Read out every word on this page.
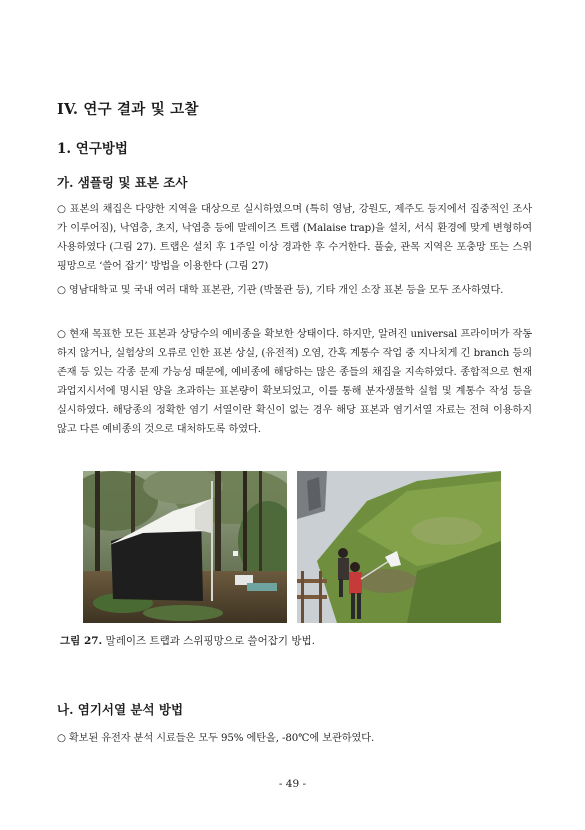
IV. 연구 결과 및 고찰
1. 연구방법
가. 샘플링 및 표본 조사
○ 표본의 채집은 다양한 지역을 대상으로 실시하였으며 (특히 영남, 강원도, 제주도 등지에서 집중적인 조사가 이루어짐), 낙엽층, 초지, 낙엽층 등에 말레이즈 트랩 (Malaise trap)을 설치, 서식 환경에 맞게 변형하여 사용하였다 (그림 27). 트랩은 설치 후 1주일 이상 경과한 후 수거한다. 풀숲, 관목 지역은 포충망 또는 스위핑망으로 ‘쓸어 잡기’ 방법을 이용한다 (그림 27)
○ 영남대학교 및 국내 여러 대학 표본관, 기관 (박물관 등), 기타 개인 소장 표본 등을 모두 조사하였다.
○ 현재 목표한 모든 표본과 상당수의 예비종을 확보한 상태이다. 하지만, 알려진 universal 프라이머가 작동하지 않거나, 실험상의 오류로 인한 표본 상실, (유전적) 오염, 간혹 계통수 작업 중 지나치게 긴 branch 등의 존재 등 있는 각종 문제 가능성 때문에, 예비종에 해당하는 많은 종들의 채집을 지속하였다. 종합적으로 현재 과업지시서에 명시된 양을 초과하는 표본량이 확보되었고, 이를 통해 분자생물학 실험 및 계통수 작성 등을 실시하였다. 해당종의 정확한 염기 서열이란 확신이 없는 경우 해당 표본과 염기서열 자료는 전혀 이용하지 않고 다른 예비종의 것으로 대처하도록 하였다.
그림 27. 말레이즈 트랩과 스위핑망으로 쓸어잡기 방법.
나. 염기서열 분석 방법
○ 확보된 유전자 분석 시료들은 모두 95% 에탄올, -80℃에 보관하였다.
- 49 -
